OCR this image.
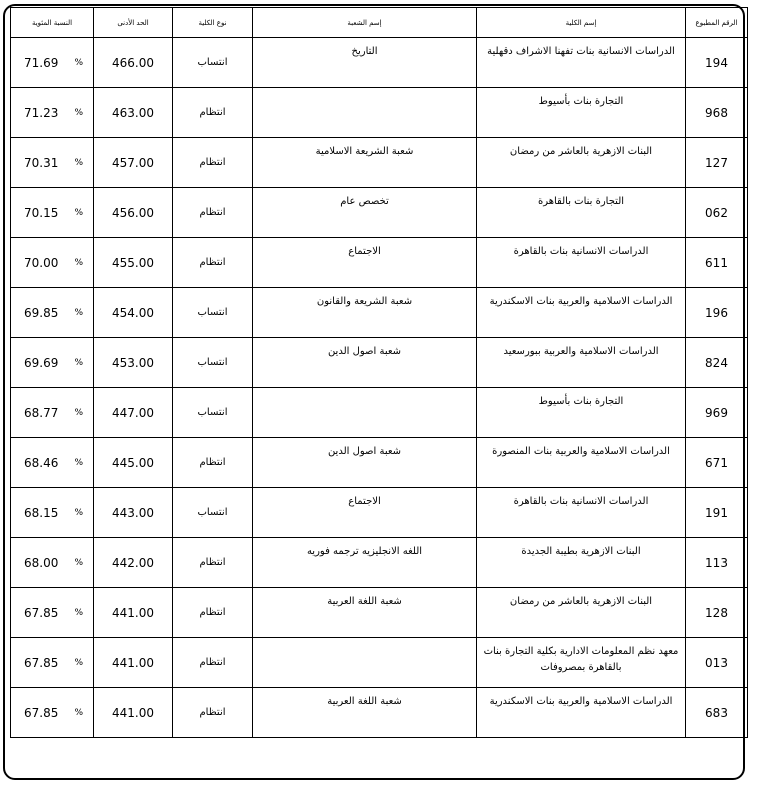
الرقم المطبوع	إسم الكلية	إسم الشعبة	نوع الكلية	الحد الأدنى	النسبة المئوية
194	الدراسات الانسانية بنات تفهنا الاشراف دقهلية	التاريخ	انتساب	466.00	71.69 %

968	التجارة بنات بأسيوط		انتظام	463.00	71.23 %

127	البنات الازهرية بالعاشر من رمضان	شعبة الشريعة الاسلامية	انتظام	457.00	70.31 %

062	التجارة بنات بالقاهرة	تخصص عام	انتظام	456.00	70.15 %

611	الدراسات الانسانية بنات بالقاهرة	الاجتماع	انتظام	455.00	70.00 %

196	الدراسات الاسلامية والعربية بنات الاسكندرية	شعبة الشريعة والقانون	انتساب	454.00	69.85 %

824	الدراسات الاسلامية والعربية ببورسعيد	شعبة اصول الدين	انتساب	453.00	69.69 %

969	التجارة بنات بأسيوط		انتساب	447.00	68.77 %

671	الدراسات الاسلامية والعربية بنات المنصورة	شعبة اصول الدين	انتظام	445.00	68.46 %

191	الدراسات الانسانية بنات بالقاهرة	الاجتماع	انتساب	443.00	68.15 %

113	البنات الازهرية بطيبة الجديدة	اللغه الانجليزيه ترجمه فوريه	انتظام	442.00	68.00 %

128	البنات الازهرية بالعاشر من رمضان	شعبة اللغة العربية	انتظام	441.00	67.85 %

013	معهد نظم المعلومات الادارية بكلية التجارة بنات بالقاهرة بمصروفات		انتظام	441.00	67.85 %

683	الدراسات الاسلامية والعربية بنات الاسكندرية	شعبة اللغة العربية	انتظام	441.00	67.85 %
